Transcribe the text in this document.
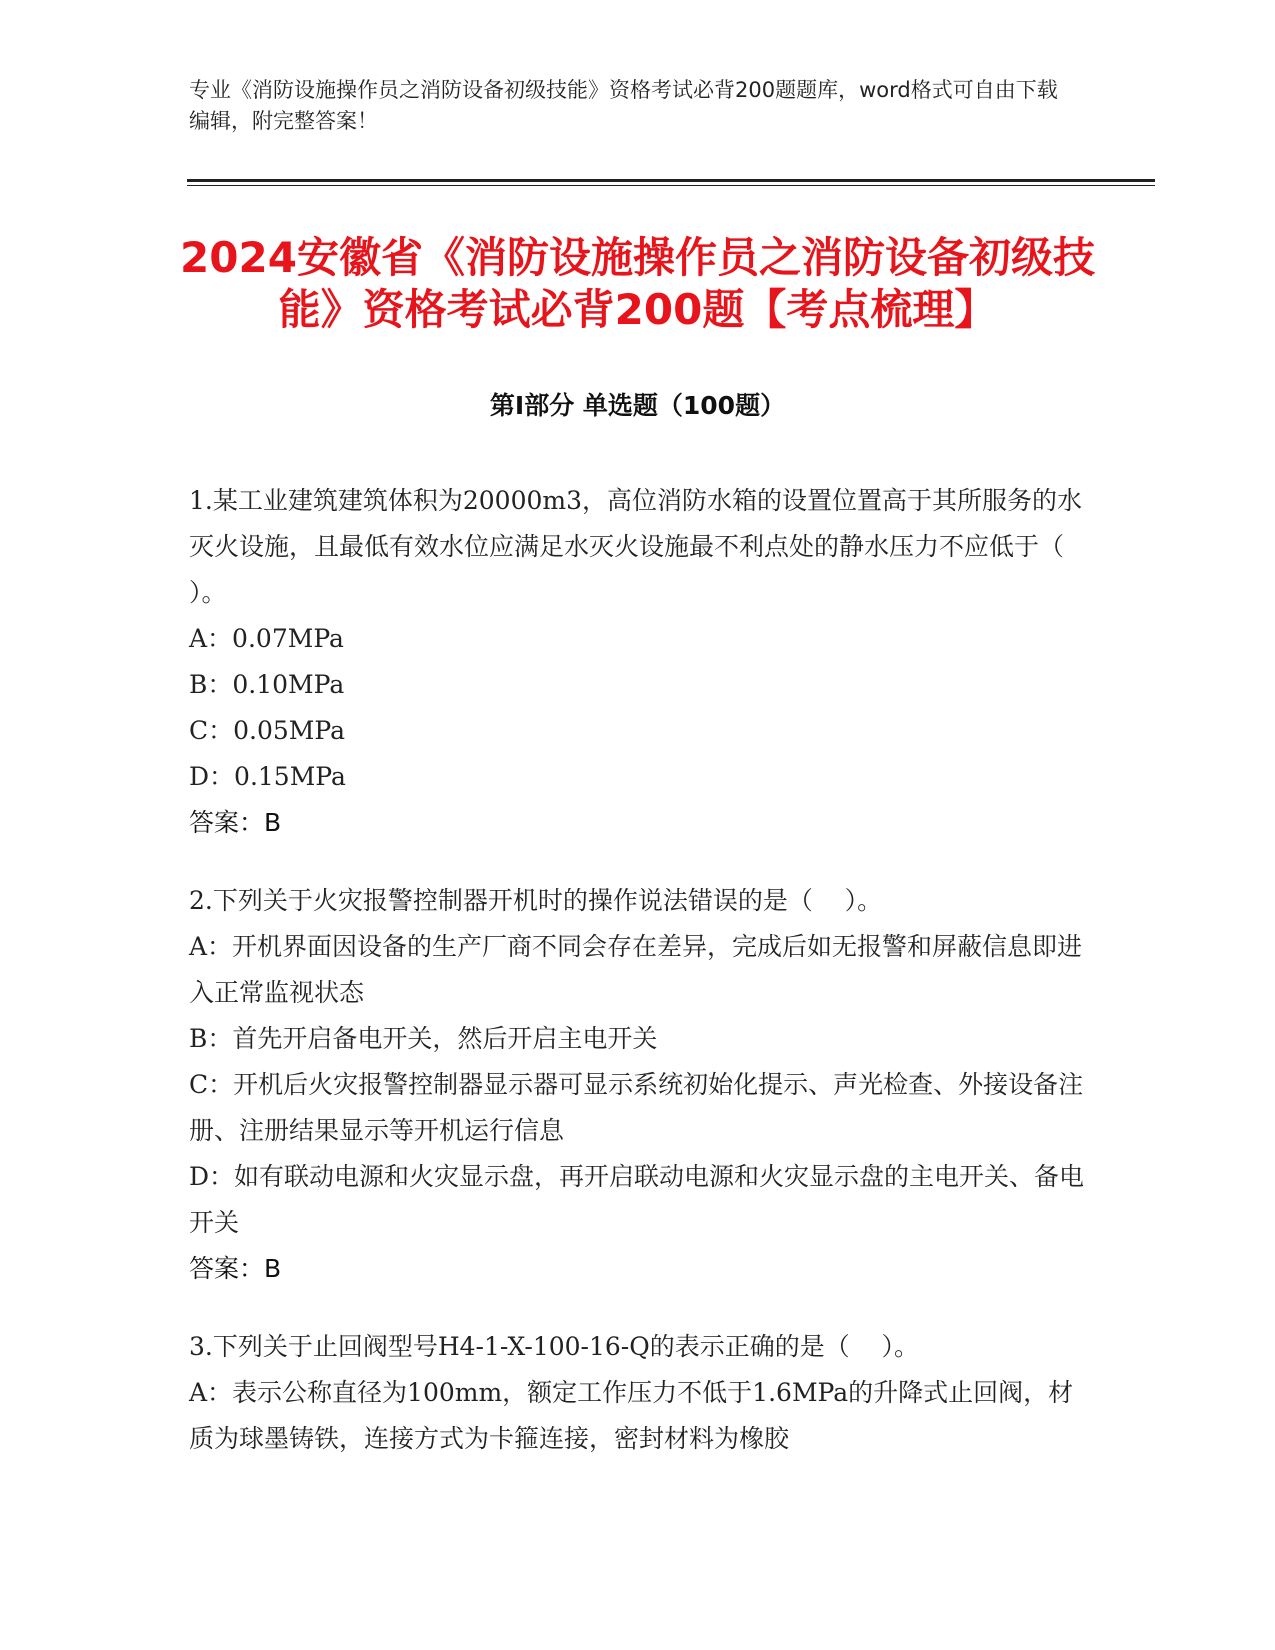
专业《消防设施操作员之消防设备初级技能》资格考试必背200题题库，word格式可自由下载编辑，附完整答案！
2024安徽省《消防设施操作员之消防设备初级技能》资格考试必背200题【考点梳理】
第Ⅰ部分 单选题（100题）
1.某工业建筑建筑体积为20000m3，高位消防水箱的设置位置高于其所服务的水灭火设施，且最低有效水位应满足水灭火设施最不利点处的静水压力不应低于（    ）。
A：0.07MPa
B：0.10MPa
C：0.05MPa
D：0.15MPa
答案：B
2.下列关于火灾报警控制器开机时的操作说法错误的是（    ）。
A：开机界面因设备的生产厂商不同会存在差异，完成后如无报警和屏蔽信息即进入正常监视状态
B：首先开启备电开关，然后开启主电开关
C：开机后火灾报警控制器显示器可显示系统初始化提示、声光检查、外接设备注册、注册结果显示等开机运行信息
D：如有联动电源和火灾显示盘，再开启联动电源和火灾显示盘的主电开关、备电开关
答案：B
3.下列关于止回阀型号H4-1-X-100-16-Q的表示正确的是（    ）。
A：表示公称直径为100mm，额定工作压力不低于1.6MPa的升降式止回阀，材质为球墨铸铁，连接方式为卡箍连接，密封材料为橡胶
